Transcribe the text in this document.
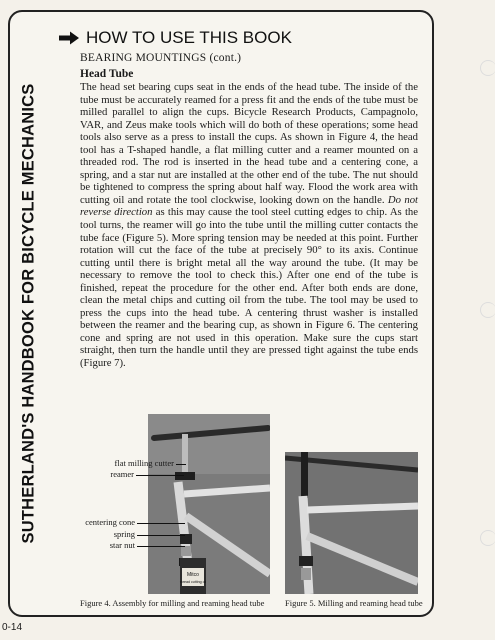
SUTHERLAND'S HANDBOOK FOR BICYCLE MECHANICS
HOW TO USE THIS BOOK
BEARING MOUNTINGS (cont.)
Head Tube

The head set bearing cups seat in the ends of the head tube. The inside of the tube must be accurately reamed for a press fit and the ends of the tube must be milled parallel to align the cups. Bicycle Research Products, Campagnolo, VAR, and Zeus make tools which will do both of these operations; some head tools also serve as a press to install the cups. As shown in Figure 4, the head tool has a T-shaped handle, a flat milling cutter and a reamer mounted on a threaded rod. The rod is inserted in the head tube and a centering cone, a spring, and a star nut are installed at the other end of the tube. The nut should be tightened to compress the spring about half way. Flood the work area with cutting oil and rotate the tool clockwise, looking down on the handle. Do not reverse direction as this may cause the tool steel cutting edges to chip. As the tool turns, the reamer will go into the tube until the milling cutter contacts the tube face (Figure 5). More spring tension may be needed at this point. Further rotation will cut the face of the tube at precisely 90° to its axis. Continue cutting until there is bright metal all the way around the tube. (It may be necessary to remove the tool to check this.) After one end of the tube is finished, repeat the procedure for the other end. After both ends are done, clean the metal chips and cutting oil from the tube. The tool may be used to press the cups into the head tube. A centering thrust washer is installed between the reamer and the bearing cup, as shown in Figure 6. The centering cone and spring are not used in this operation. Make sure the cups start straight, then turn the handle until they are pressed tight against the tube ends (Figure 7).

Mitco
thread cutting oil
flat milling cutter
reamer
centering cone
spring
star nut
Figure 4. Assembly for milling and reaming head tube	Figure 5. Milling and reaming head tube
0-14
